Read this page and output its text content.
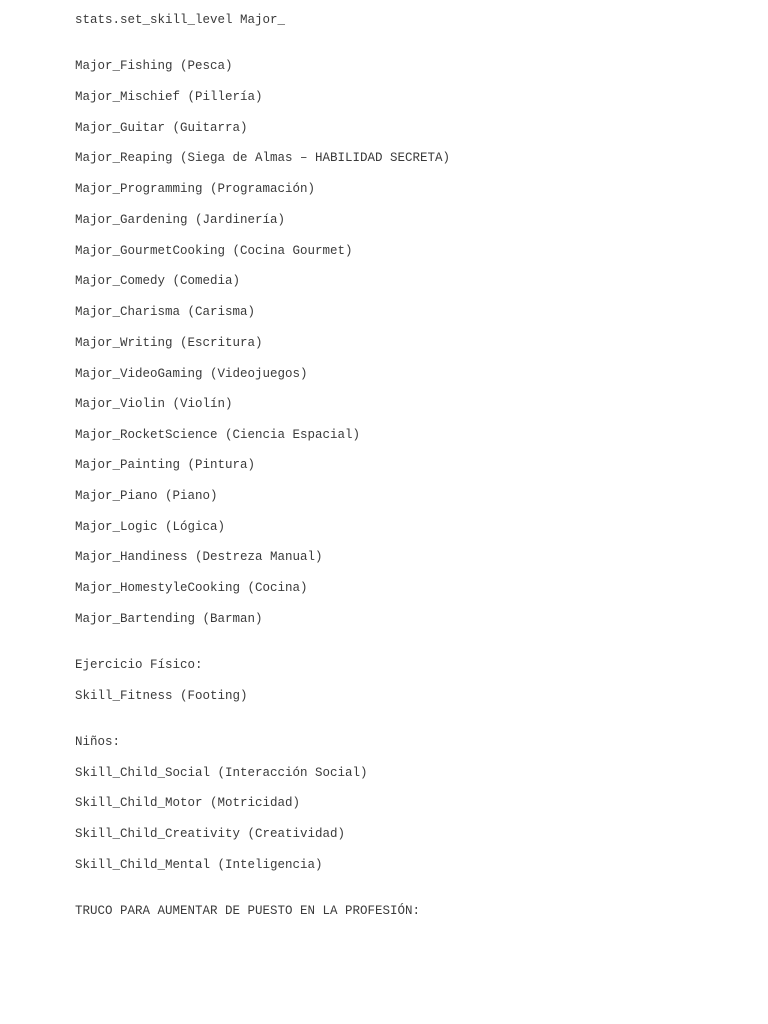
stats.set_skill_level Major_
Major_Fishing (Pesca)
Major_Mischief (Pillería)
Major_Guitar (Guitarra)
Major_Reaping (Siega de Almas – HABILIDAD SECRETA)
Major_Programming (Programación)
Major_Gardening (Jardinería)
Major_GourmetCooking (Cocina Gourmet)
Major_Comedy (Comedia)
Major_Charisma (Carisma)
Major_Writing (Escritura)
Major_VideoGaming (Videojuegos)
Major_Violin (Violín)
Major_RocketScience (Ciencia Espacial)
Major_Painting (Pintura)
Major_Piano (Piano)
Major_Logic (Lógica)
Major_Handiness (Destreza Manual)
Major_HomestyleCooking (Cocina)
Major_Bartending (Barman)
Ejercicio Físico:
Skill_Fitness (Footing)
Niños:
Skill_Child_Social (Interacción Social)
Skill_Child_Motor (Motricidad)
Skill_Child_Creativity (Creatividad)
Skill_Child_Mental (Inteligencia)
TRUCO PARA AUMENTAR DE PUESTO EN LA PROFESIÓN:
